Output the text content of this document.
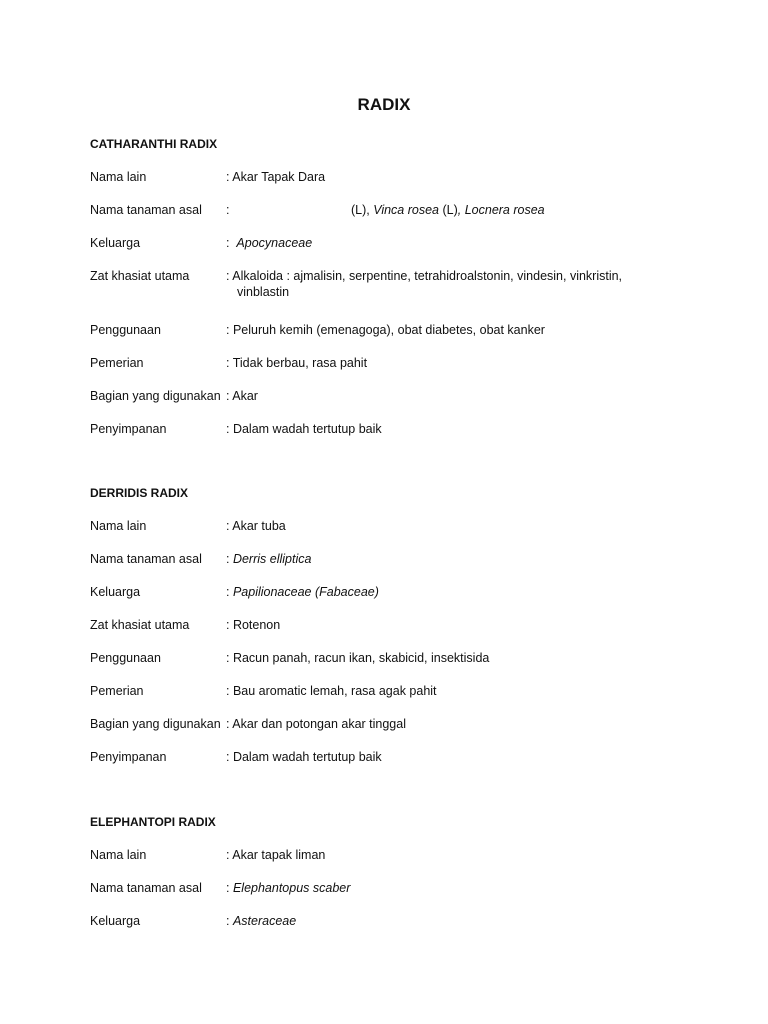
RADIX
CATHARANTHI RADIX
Nama lain	: Akar Tapak Dara
Nama tanaman asal	:	(L), Vinca rosea (L), Locnera rosea
Keluarga	:  Apocynaceae
Zat khasiat utama	: Alkaloida : ajmalisin, serpentine, tetrahidroalstonin, vindesin, vinkristin,
vinblastin
Penggunaan	: Peluruh kemih (emenagoga), obat diabetes, obat kanker
Pemerian	: Tidak berbau, rasa pahit
Bagian yang digunakan : Akar
Penyimpanan	: Dalam wadah tertutup baik
DERRIDIS RADIX
Nama lain	: Akar tuba
Nama tanaman asal	: Derris elliptica
Keluarga	: Papilionaceae (Fabaceae)
Zat khasiat utama	: Rotenon
Penggunaan	: Racun panah, racun ikan, skabicid, insektisida
Pemerian	: Bau aromatic lemah, rasa agak pahit
Bagian yang digunakan : Akar dan potongan akar tinggal
Penyimpanan	: Dalam wadah tertutup baik
ELEPHANTOPI RADIX
Nama lain	: Akar tapak liman
Nama tanaman asal	: Elephantopus scaber
Keluarga	: Asteraceae
